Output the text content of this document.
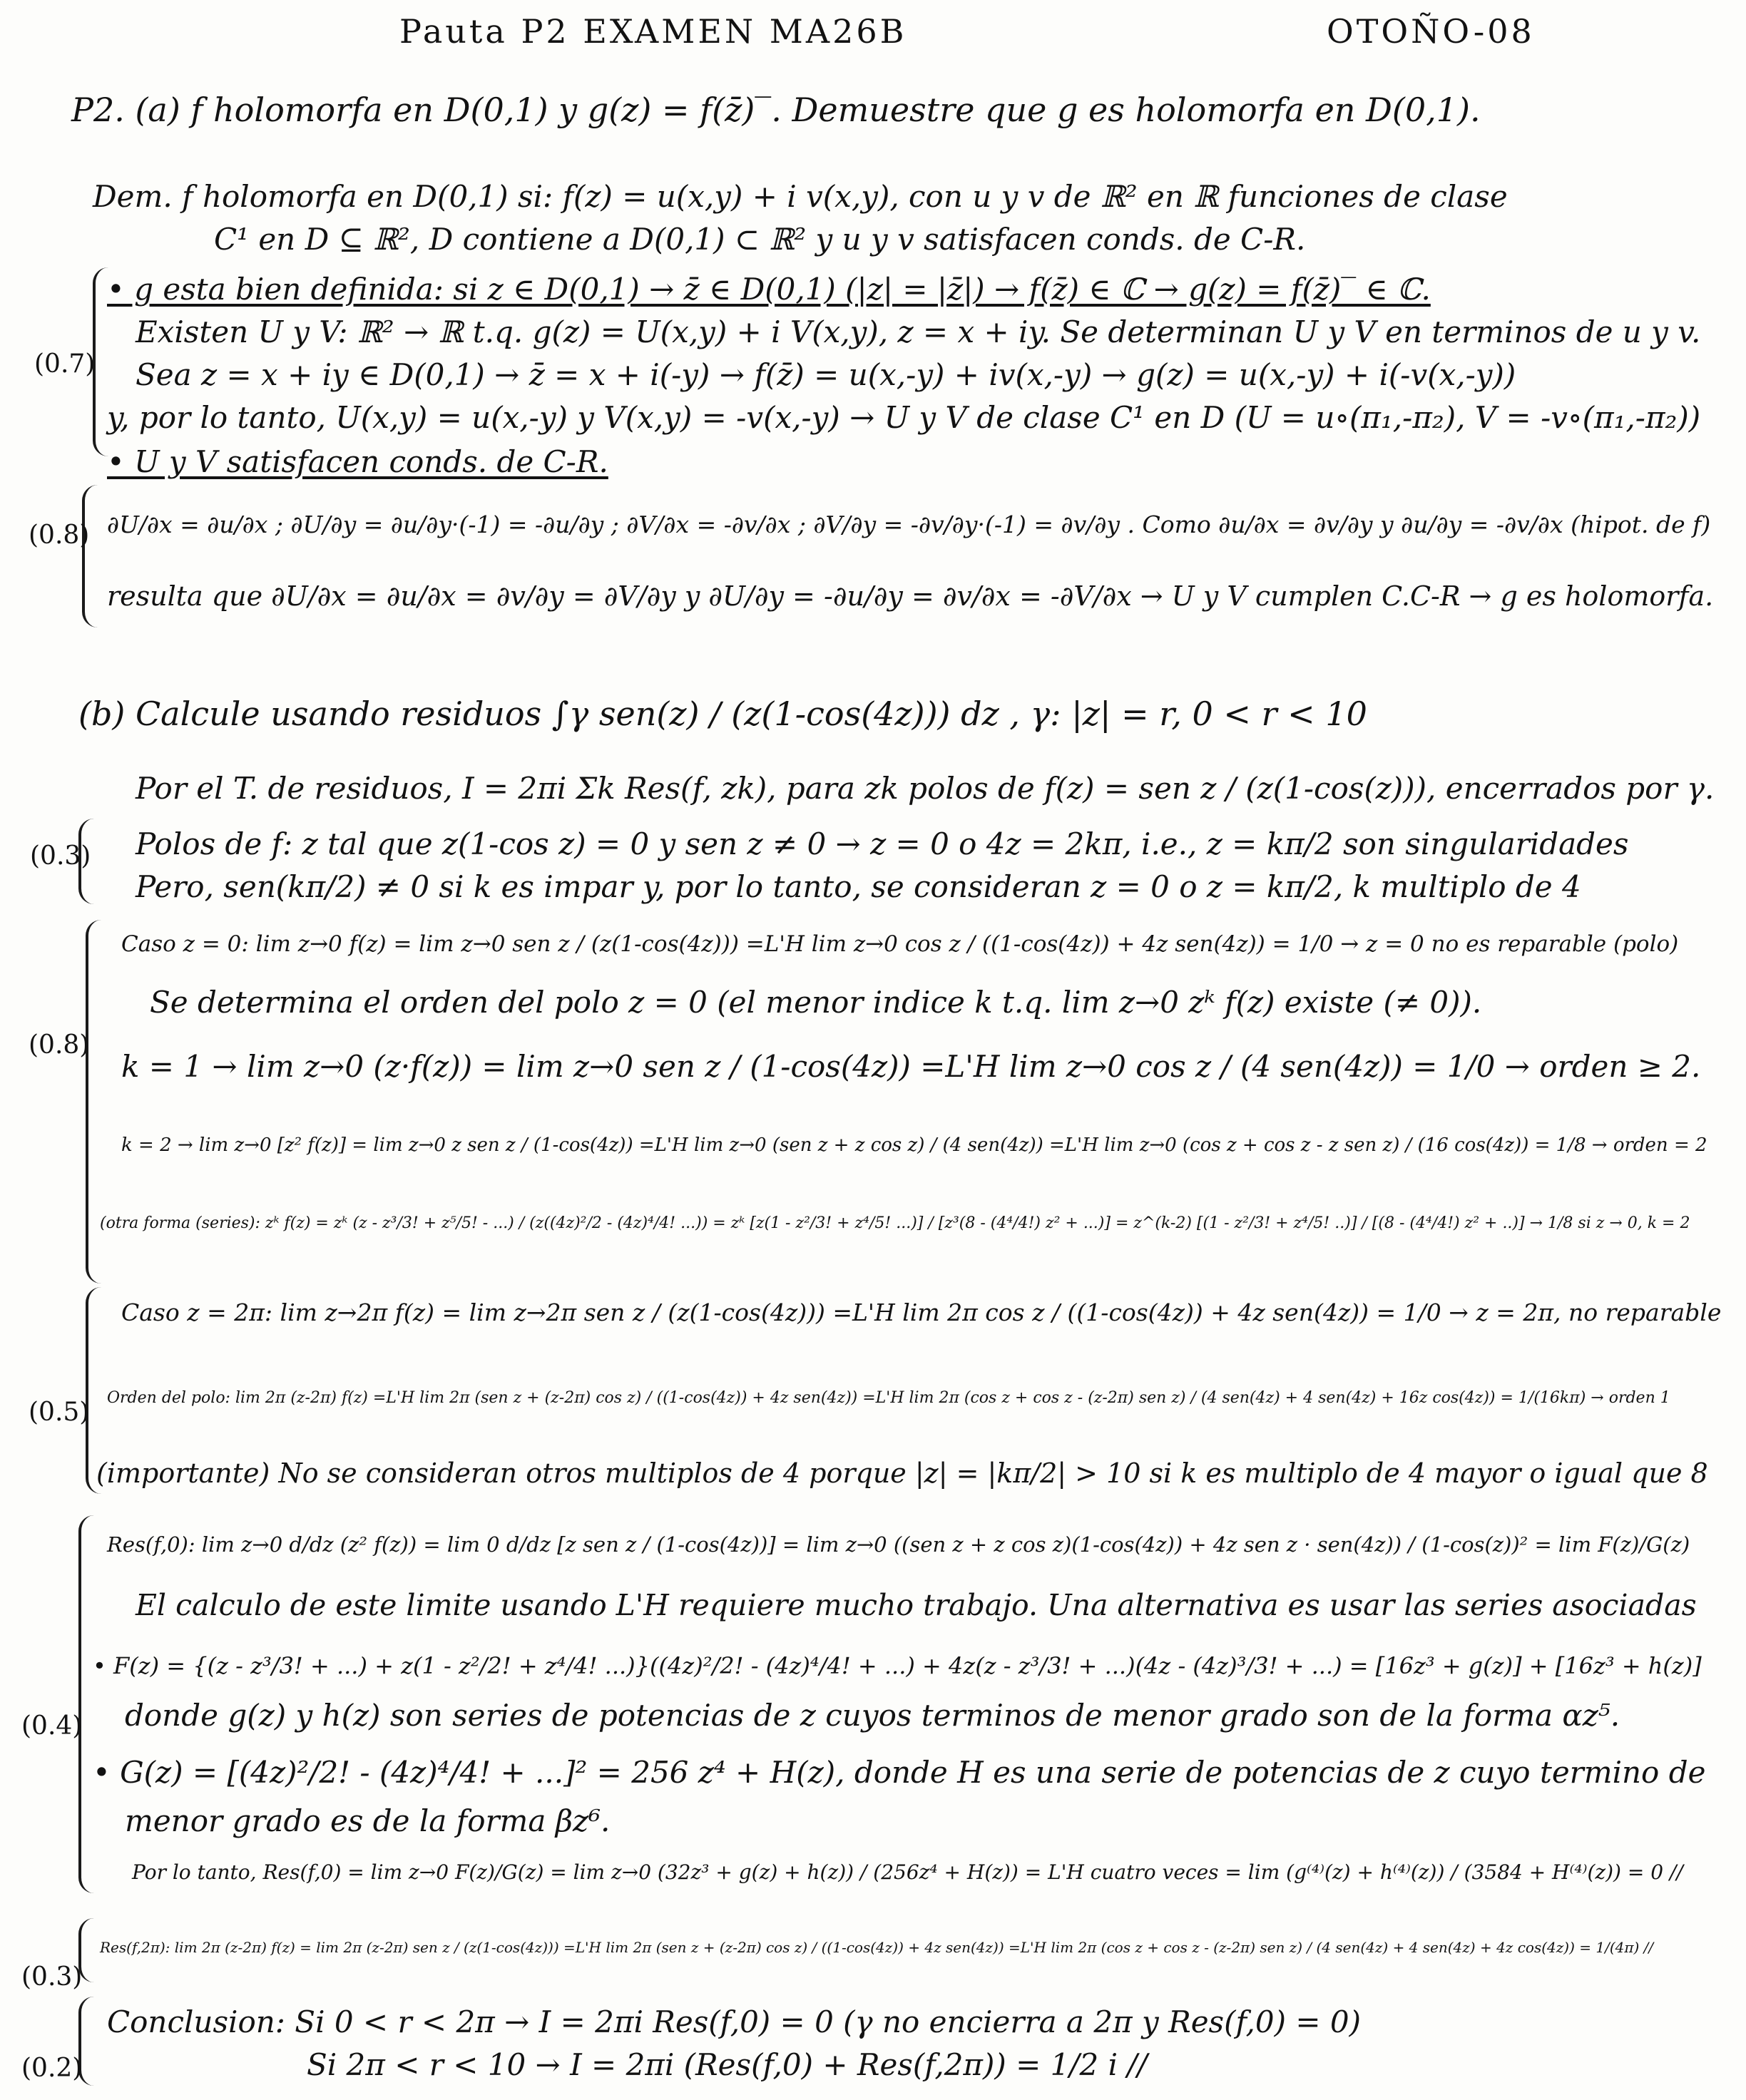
Pauta P2 EXAMEN MA26B	OTOÑO-08
P2. (a) f holomorfa en D(0,1) y g(z) = f(z̄)‾. Demuestre que g es holomorfa en D(0,1).
Dem. f holomorfa en D(0,1) si: f(z) = u(x,y) + i v(x,y), con u y v de ℝ² en ℝ funciones de clase
C¹ en D ⊆ ℝ², D contiene a D(0,1) ⊂ ℝ² y u y v satisfacen conds. de C-R.
(0.7)
• g esta bien definida: si z ∈ D(0,1) → z̄ ∈ D(0,1) (|z| = |z̄|) → f(z̄) ∈ ℂ → g(z) = f(z̄)‾ ∈ ℂ.
Existen U y V: ℝ² → ℝ t.q. g(z) = U(x,y) + i V(x,y), z = x + iy. Se determinan U y V en terminos de u y v.
Sea z = x + iy ∈ D(0,1) → z̄ = x + i(-y) → f(z̄) = u(x,-y) + iv(x,-y) → g(z) = u(x,-y) + i(-v(x,-y))
y, por lo tanto, U(x,y) = u(x,-y) y V(x,y) = -v(x,-y) → U y V de clase C¹ en D (U = u∘(π₁,-π₂), V = -v∘(π₁,-π₂))
• U y V satisfacen conds. de C-R.
(0.8) ∂U/∂x = ∂u/∂x ; ∂U/∂y = ∂u/∂y·(-1) = -∂u/∂y ; ∂V/∂x = -∂v/∂x ; ∂V/∂y = -∂v/∂y·(-1) = ∂v/∂y . Como ∂u/∂x = ∂v/∂y y ∂u/∂y = -∂v/∂x (hipot. de f)
resulta que ∂U/∂x = ∂u/∂x = ∂v/∂y = ∂V/∂y y ∂U/∂y = -∂u/∂y = ∂v/∂x = -∂V/∂x → U y V cumplen C.C-R → g es holomorfa.
(b) Calcule usando residuos ∫γ sen(z) / (z(1-cos(4z))) dz , γ: |z| = r, 0 < r < 10
Por el T. de residuos, I = 2πi Σk Res(f, zk), para zk polos de f(z) = sen z / (z(1-cos(z))), encerrados por γ.
(0.3) Polos de f: z tal que z(1-cos z) = 0 y sen z ≠ 0 → z = 0 o 4z = 2kπ, i.e., z = kπ/2 son singularidades
Pero, sen(kπ/2) ≠ 0 si k es impar y, por lo tanto, se consideran z = 0 o z = kπ/2, k multiplo de 4
(0.8)
Caso z = 0: lim z→0 f(z) = lim z→0 sen z / (z(1-cos(4z))) =L'H lim z→0 cos z / ((1-cos(4z)) + 4z sen(4z)) = 1/0 → z = 0 no es reparable (polo)
Se determina el orden del polo z = 0 (el menor indice k t.q. lim z→0 zᵏ f(z) existe (≠ 0)).
k = 1 → lim z→0 (z·f(z)) = lim z→0 sen z / (1-cos(4z)) =L'H lim z→0 cos z / (4 sen(4z)) = 1/0 → orden ≥ 2.
k = 2 → lim z→0 [z² f(z)] = lim z→0 z sen z / (1-cos(4z)) =L'H lim z→0 (sen z + z cos z) / (4 sen(4z)) =L'H lim z→0 (cos z + cos z - z sen z) / (16 cos(4z)) = 1/8 → orden = 2
(otra forma (series): zᵏ f(z) = zᵏ (z - z³/3! + z⁵/5! - ...) / (z((4z)²/2 - (4z)⁴/4! ...)) = zᵏ [z(1 - z²/3! + z⁴/5! ...)] / [z³(8 - (4⁴/4!) z² + ...)] = z^(k-2) [(1 - z²/3! + z⁴/5! ..)] / [(8 - (4⁴/4!) z² + ..)] → 1/8 si z → 0, k = 2
(0.5)
Caso z = 2π: lim z→2π f(z) = lim z→2π sen z / (z(1-cos(4z))) =L'H lim 2π cos z / ((1-cos(4z)) + 4z sen(4z)) = 1/0 → z = 2π, no reparable
Orden del polo: lim 2π (z-2π) f(z) =L'H lim 2π (sen z + (z-2π) cos z) / ((1-cos(4z)) + 4z sen(4z)) =L'H lim 2π (cos z + cos z - (z-2π) sen z) / (4 sen(4z) + 4 sen(4z) + 16z cos(4z)) = 1/(16kπ) → orden 1
(importante) No se consideran otros multiplos de 4 porque |z| = |kπ/2| > 10 si k es multiplo de 4 mayor o igual que 8
(0.4)
Res(f,0): lim z→0 d/dz (z² f(z)) = lim 0 d/dz [z sen z / (1-cos(4z))] = lim z→0 ((sen z + z cos z)(1-cos(4z)) + 4z sen z · sen(4z)) / (1-cos(z))² = lim F(z)/G(z)
El calculo de este limite usando L'H requiere mucho trabajo. Una alternativa es usar las series asociadas
• F(z) = {(z - z³/3! + ...) + z(1 - z²/2! + z⁴/4! ...)}((4z)²/2! - (4z)⁴/4! + ...) + 4z(z - z³/3! + ...)(4z - (4z)³/3! + ...) = [16z³ + g(z)] + [16z³ + h(z)]
donde g(z) y h(z) son series de potencias de z cuyos terminos de menor grado son de la forma αz⁵.
• G(z) = [(4z)²/2! - (4z)⁴/4! + ...]² = 256 z⁴ + H(z), donde H es una serie de potencias de z cuyo termino de
menor grado es de la forma βz⁶.
Por lo tanto, Res(f,0) = lim z→0 F(z)/G(z) = lim z→0 (32z³ + g(z) + h(z)) / (256z⁴ + H(z)) = L'H cuatro veces = lim (g⁽⁴⁾(z) + h⁽⁴⁾(z)) / (3584 + H⁽⁴⁾(z)) = 0 //
(0.3)
Res(f,2π): lim 2π (z-2π) f(z) = lim 2π (z-2π) sen z / (z(1-cos(4z))) =L'H lim 2π (sen z + (z-2π) cos z) / ((1-cos(4z)) + 4z sen(4z)) =L'H lim 2π (cos z + cos z - (z-2π) sen z) / (4 sen(4z) + 4 sen(4z) + 4z cos(4z)) = 1/(4π) //
(0.2)
Conclusion: Si 0 < r < 2π → I = 2πi Res(f,0) = 0 (γ no encierra a 2π y Res(f,0) = 0)
Si 2π < r < 10 → I = 2πi (Res(f,0) + Res(f,2π)) = 1/2 i //
